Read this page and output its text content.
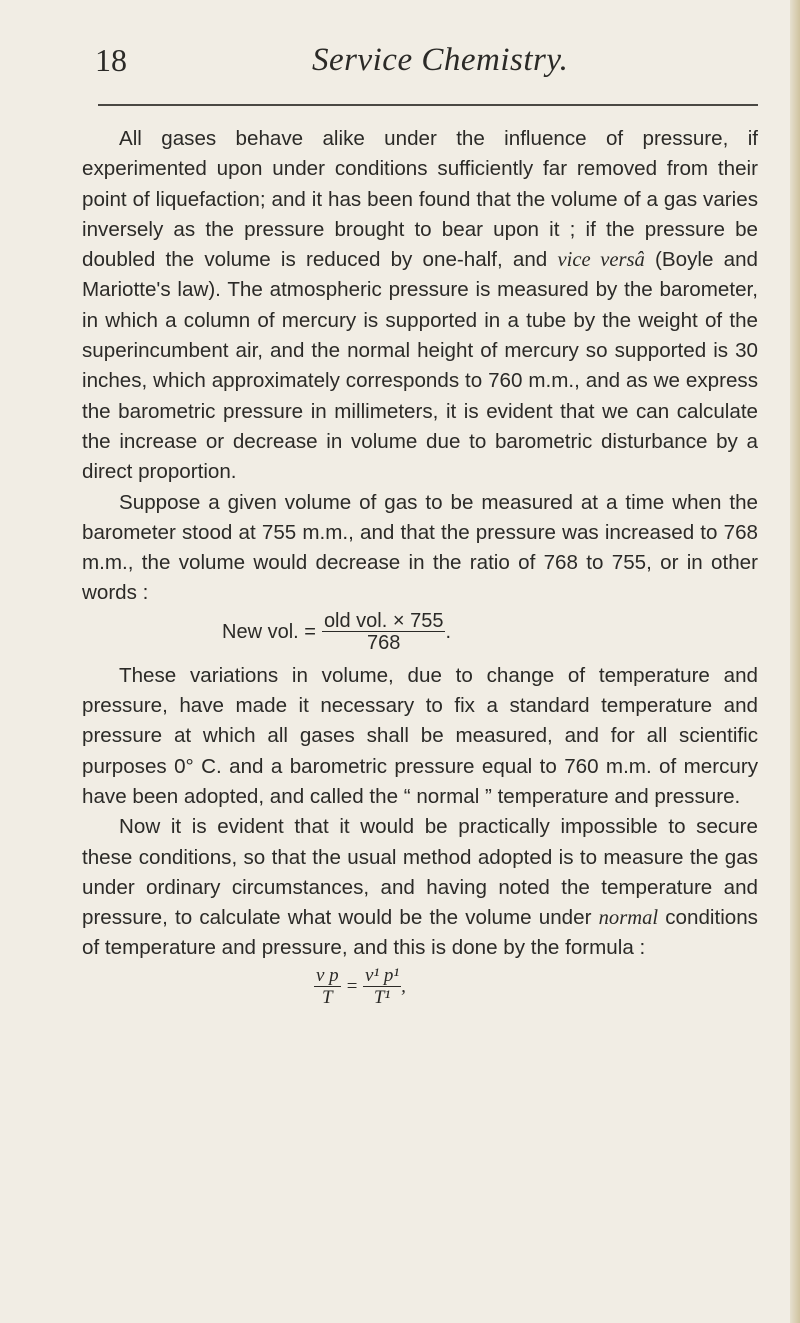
18	Service Chemistry.

All gases behave alike under the influence of pressure, if experimented upon under conditions sufficiently far removed from their point of liquefaction; and it has been found that the volume of a gas varies inversely as the pressure brought to bear upon it ; if the pressure be doubled the volume is reduced by one-half, and vice versâ (Boyle and Mariotte's law). The atmospheric pressure is measured by the barometer, in which a column of mercury is supported in a tube by the weight of the superincumbent air, and the normal height of mercury so supported is 30 inches, which approximately corresponds to 760 m.m., and as we express the barometric pressure in millimeters, it is evident that we can calculate the increase or decrease in volume due to barometric disturbance by a direct proportion.

Suppose a given volume of gas to be measured at a time when the barometer stood at 755 m.m., and that the pressure was increased to 768 m.m., the volume would decrease in the ratio of 768 to 755, or in other words :

New vol. = $\frac{\text{old vol. × 755}}{768}$ .

These variations in volume, due to change of temperature and pressure, have made it necessary to fix a standard temperature and pressure at which all gases shall be measured, and for all scientific purposes 0° C. and a barometric pressure equal to 760 m.m. of mercury have been adopted, and called the “ normal ” temperature and pressure.

Now it is evident that it would be practically impossible to secure these conditions, so that the usual method adopted is to measure the gas under ordinary circumstances, and having noted the temperature and pressure, to calculate what would be the volume under normal conditions of temperature and pressure, and this is done by the formula :

$\frac{\text{v p}}{T} = \frac{\text{v¹ p¹}}{\text{T¹}}$ ,
